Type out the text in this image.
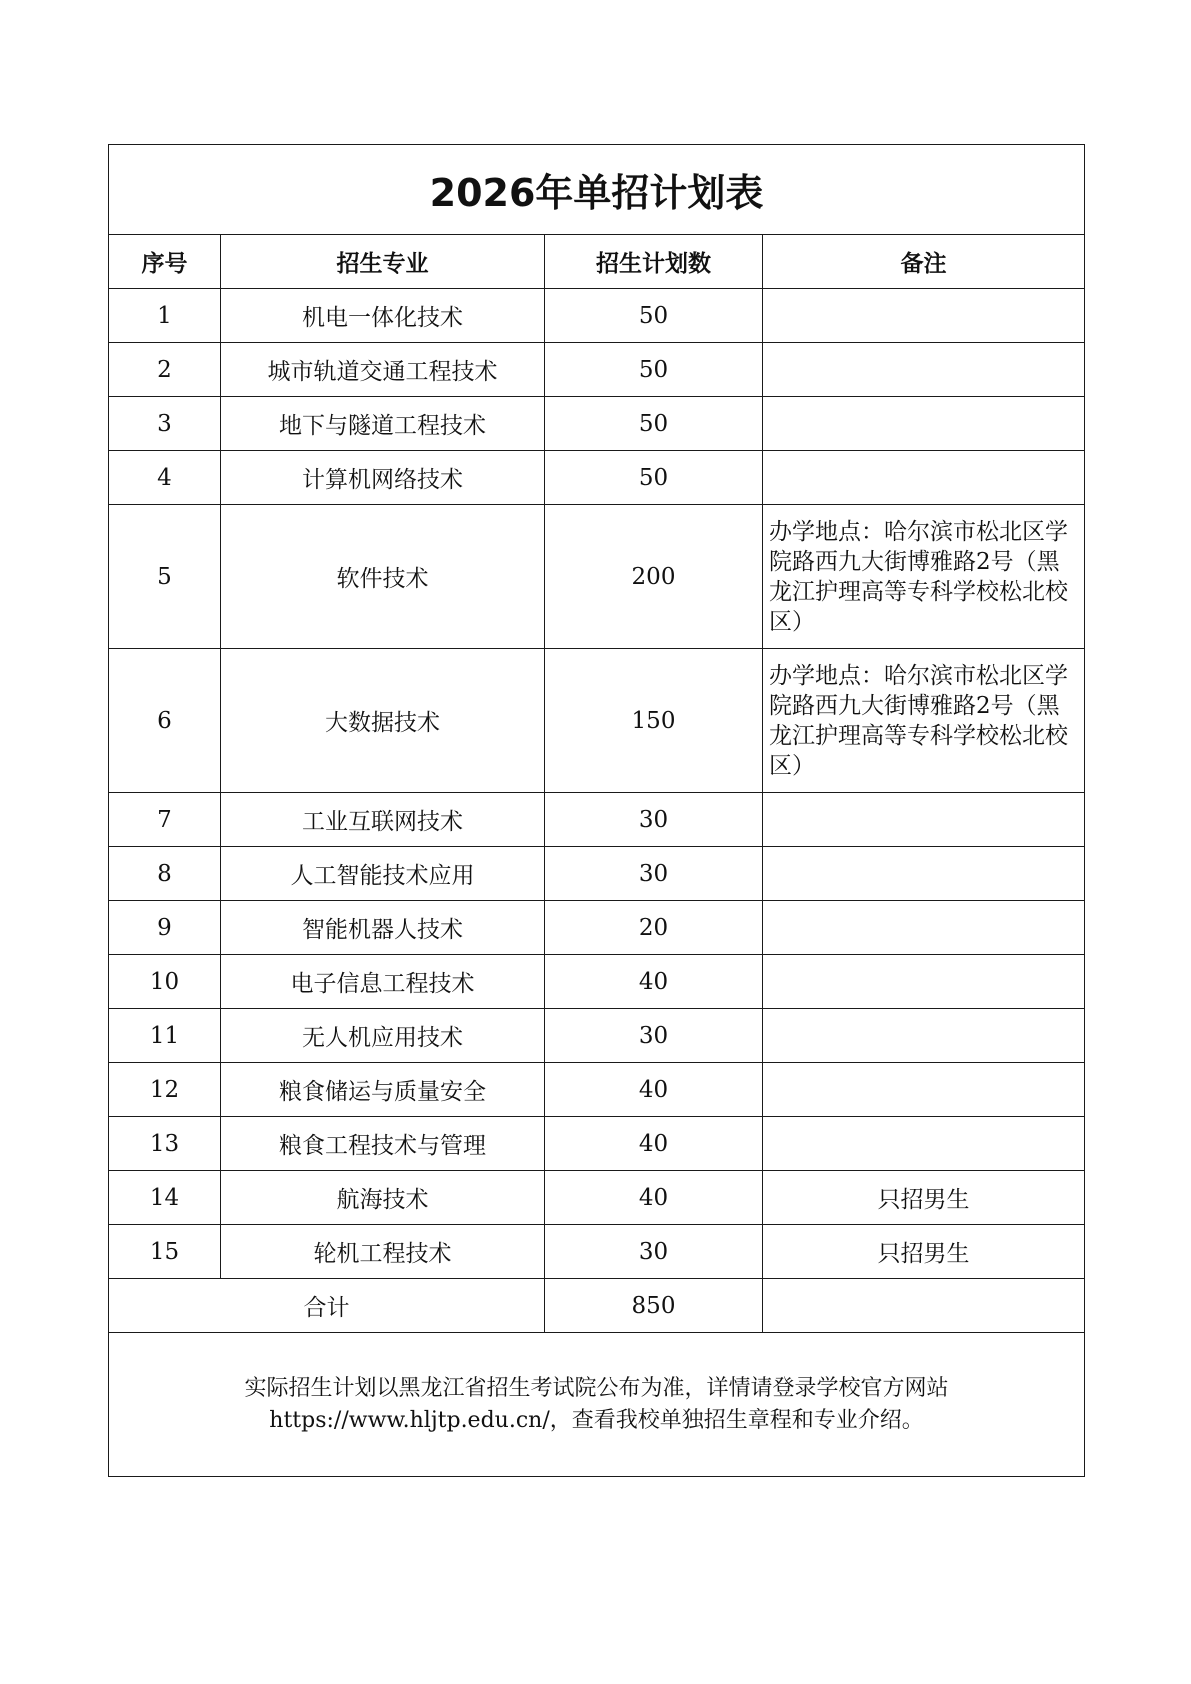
2026年单招计划表			
序号	招生专业	招生计划数	备注
1	机电一体化技术	50	
2	城市轨道交通工程技术	50	
3	地下与隧道工程技术	50	
4	计算机网络技术	50	
5	软件技术	200	办学地点：哈尔滨市松北区学院路西九大街博雅路2号（黑龙江护理高等专科学校松北校区）
6	大数据技术	150	办学地点：哈尔滨市松北区学院路西九大街博雅路2号（黑龙江护理高等专科学校松北校区）
7	工业互联网技术	30	
8	人工智能技术应用	30	
9	智能机器人技术	20	
10	电子信息工程技术	40	
11	无人机应用技术	30	
12	粮食储运与质量安全	40	
13	粮食工程技术与管理	40	
14	航海技术	40	只招男生
15	轮机工程技术	30	只招男生
合计		850	

实际招生计划以黑龙江省招生考试院公布为准，详情请登录学校官方网站
https://www.hljtp.edu.cn/，查看我校单独招生章程和专业介绍。			
